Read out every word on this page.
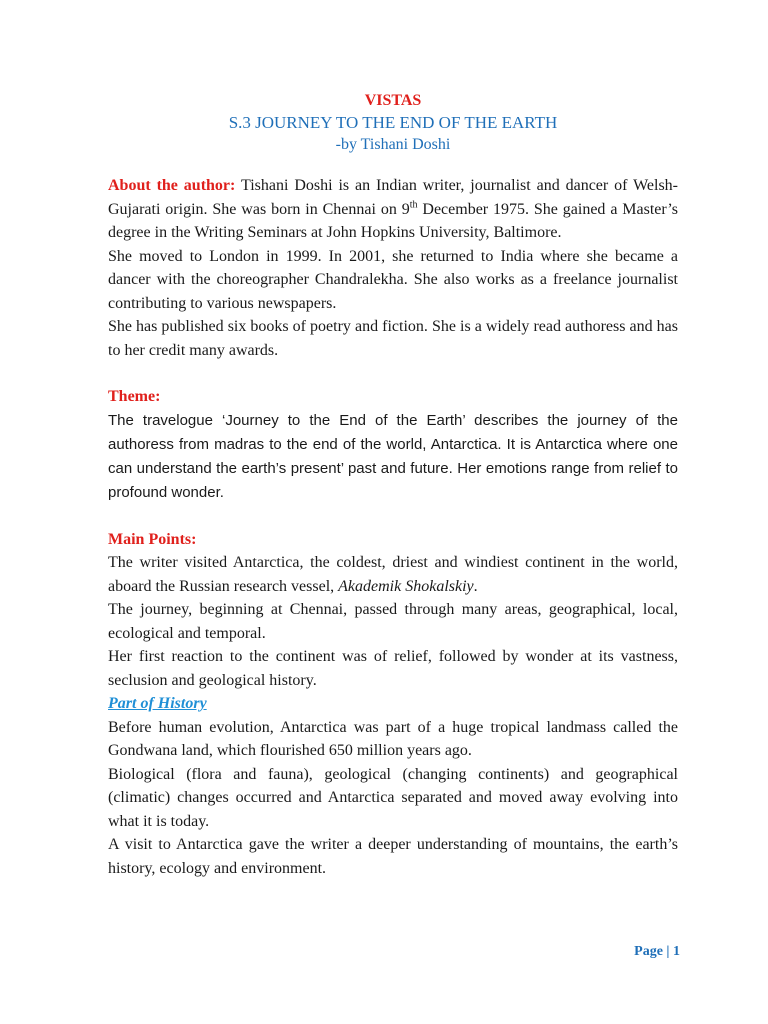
VISTAS
S.3 JOURNEY TO THE END OF THE EARTH
-by Tishani Doshi

About the author: Tishani Doshi is an Indian writer, journalist and dancer of Welsh-Gujarati origin. She was born in Chennai on 9th December 1975. She gained a Master’s degree in the Writing Seminars at John Hopkins University, Baltimore.

She moved to London in 1999. In 2001, she returned to India where she became a dancer with the choreographer Chandralekha. She also works as a freelance journalist contributing to various newspapers.

She has published six books of poetry and fiction. She is a widely read authoress and has to her credit many awards.

Theme:

The travelogue ‘Journey to the End of the Earth’ describes the journey of the authoress from madras to the end of the world, Antarctica. It is Antarctica where one can understand the earth’s present’ past and future. Her emotions range from relief to profound wonder.

Main Points:

The writer visited Antarctica, the coldest, driest and windiest continent in the world, aboard the Russian research vessel, Akademik Shokalskiy.

The journey, beginning at Chennai, passed through many areas, geographical, local, ecological and temporal.

Her first reaction to the continent was of relief, followed by wonder at its vastness, seclusion and geological history.

Part of History

Before human evolution, Antarctica was part of a huge tropical landmass called the Gondwana land, which flourished 650 million years ago.

Biological (flora and fauna), geological (changing continents) and geographical (climatic) changes occurred and Antarctica separated and moved away evolving into what it is today.

A visit to Antarctica gave the writer a deeper understanding of mountains, the earth’s history, ecology and environment.

Page | 1
